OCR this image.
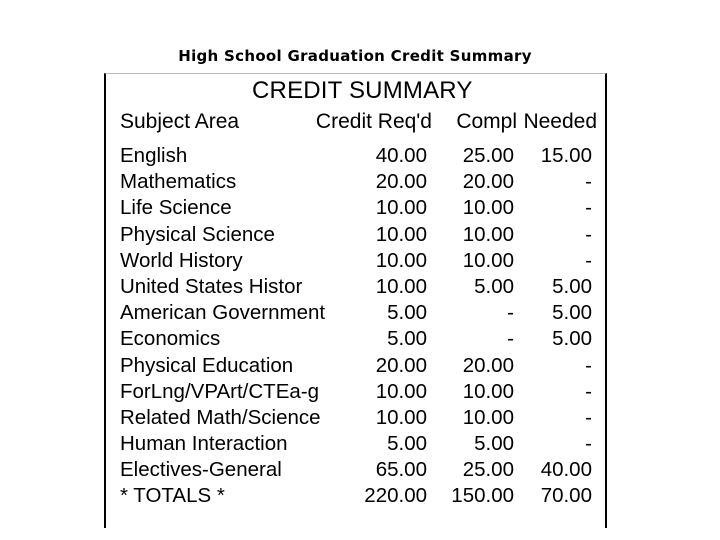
High School Graduation Credit Summary
CREDIT SUMMARY
Subject Area	Credit Req'd Compl Needed
English	40.00 25.00 15.00
Mathematics	20.00 20.00	-
Life Science	10.00 10.00	-
Physical Science	10.00 10.00	-
World History	10.00 10.00	-
United States Histor	10.00 5.00 5.00
American Government	5.00	- 5.00
Economics	5.00	- 5.00
Physical Education	20.00 20.00	-
ForLng/VPArt/CTEa-g	10.00 10.00	-
Related Math/Science	10.00 10.00	-
Human Interaction	5.00 5.00	-
Electives-General	65.00 25.00 40.00
* TOTALS *	220.00 150.00 70.00
